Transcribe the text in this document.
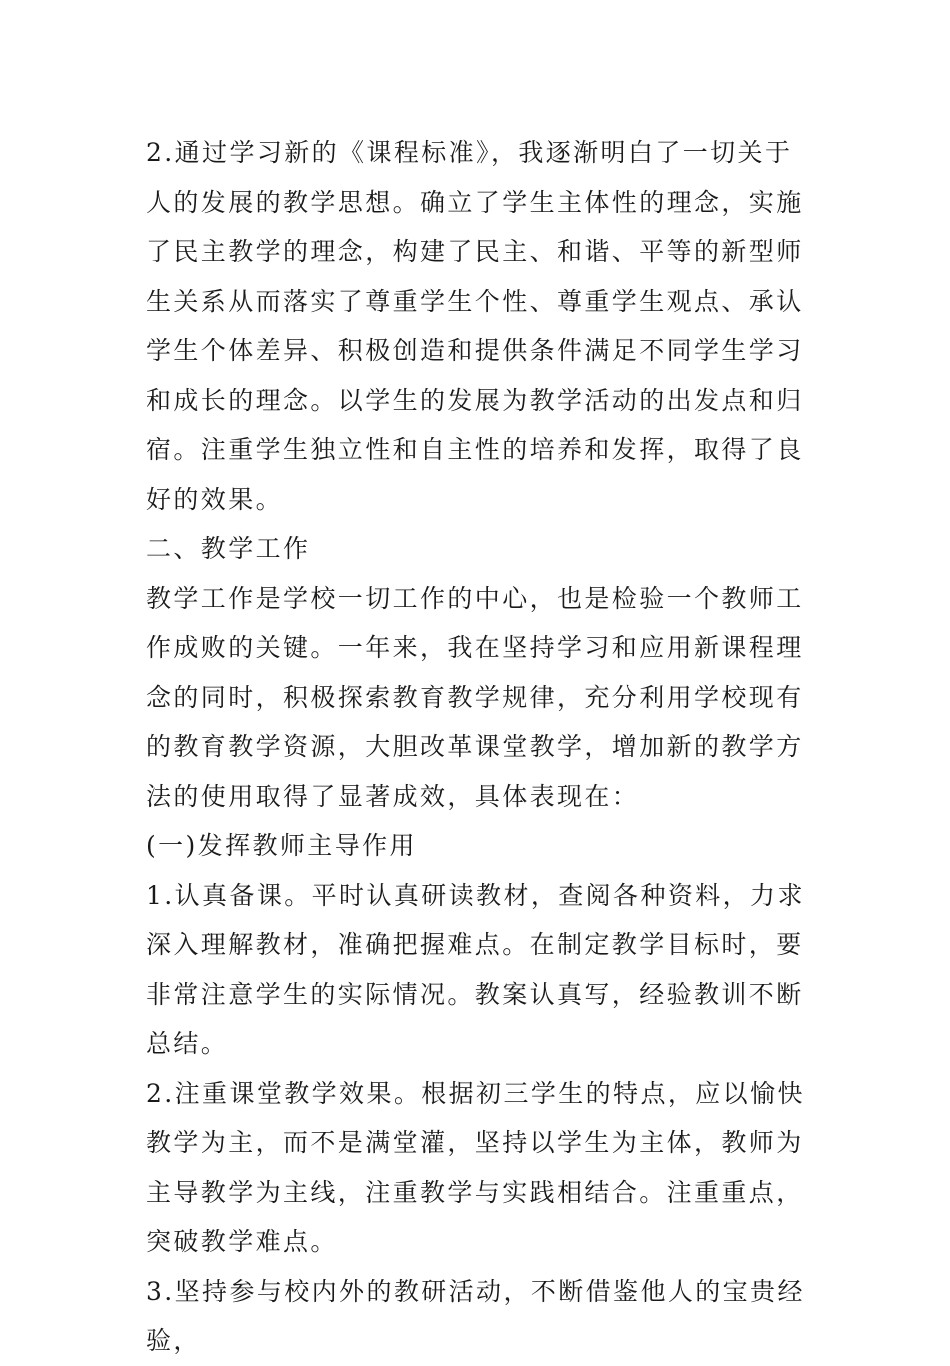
2.通过学习新的《课程标准》，我逐渐明白了一切关于人的发展的教学思想。确立了学生主体性的理念，实施了民主教学的理念，构建了民主、和谐、平等的新型师生关系从而落实了尊重学生个性、尊重学生观点、承认学生个体差异、积极创造和提供条件满足不同学生学习和成长的理念。以学生的发展为教学活动的出发点和归宿。注重学生独立性和自主性的培养和发挥，取得了良好的效果。

二、教学工作

教学工作是学校一切工作的中心，也是检验一个教师工作成败的关键。一年来，我在坚持学习和应用新课程理念的同时，积极探索教育教学规律，充分利用学校现有的教育教学资源，大胆改革课堂教学，增加新的教学方法的使用取得了显著成效，具体表现在：

(一)发挥教师主导作用

1.认真备课。平时认真研读教材，查阅各种资料，力求深入理解教材，准确把握难点。在制定教学目标时，要非常注意学生的实际情况。教案认真写，经验教训不断总结。

2.注重课堂教学效果。根据初三学生的特点，应以愉快教学为主，而不是满堂灌，坚持以学生为主体，教师为主导教学为主线，注重教学与实践相结合。注重重点，突破教学难点。

3.坚持参与校内外的教研活动，不断借鉴他人的宝贵经验，
